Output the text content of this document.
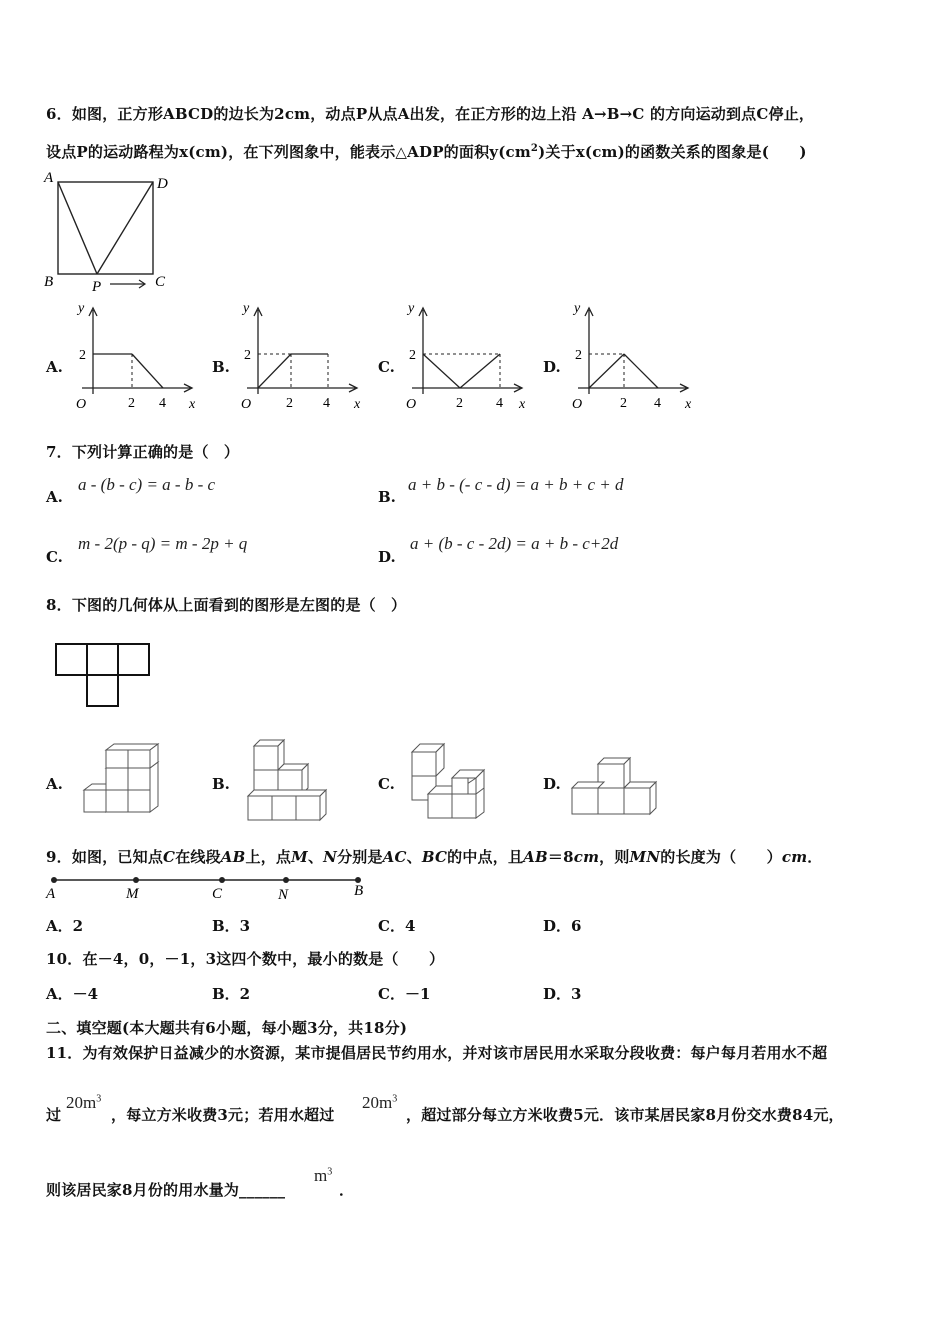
6．如图，正方形ABCD的边长为2cm，动点P从点A出发，在正方形的边上沿 A→B→C 的方向运动到点C停止，
设点P的运动路程为x(cm)，在下列图象中，能表示△ADP的面积$y(cm^2)$关于x(cm)的函数关系的图象是(　　)
A	D
B	C
P
A.
y
2
O	2 4 x
B.
y
2
O 2 4 x
C.
y
2
O	2 4 x
D.
y
2
O	2 4 x
7．下列计算正确的是（　）
A.
a - (b - c) = a - b - c
B.
a + b - (- c - d) = a + b + c + d
C.
m - 2(p - q) = m - 2p + q
D.
a + (b - c - 2d) = a + b - c+2d
8．下图的几何体从上面看到的图形是左图的是（　）
A.	B.	C.	D.
9．如图，已知点C在线段AB上，点M、N分别是AC、BC的中点，且AB＝8cm，则MN的长度为（　　）cm．
A	M	C	N	B
A．2	B．3	C．4	D．6
10．在－4，0，－1，3这四个数中，最小的数是（　　）
A．－4	B．2	C．－1	D．3
二、填空题(本大题共有6小题，每小题3分，共18分)
11．为有效保护日益减少的水资源，某市提倡居民节约用水，并对该市居民用水采取分段收费：每户每月若用水不超
过
$20m^3$
，每立方米收费3元；若用水超过
$20m^3$
，超过部分每立方米收费5元．该市某居民家8月份交水费84元，
则该居民家8月份的用水量为______
$m^3$
．
